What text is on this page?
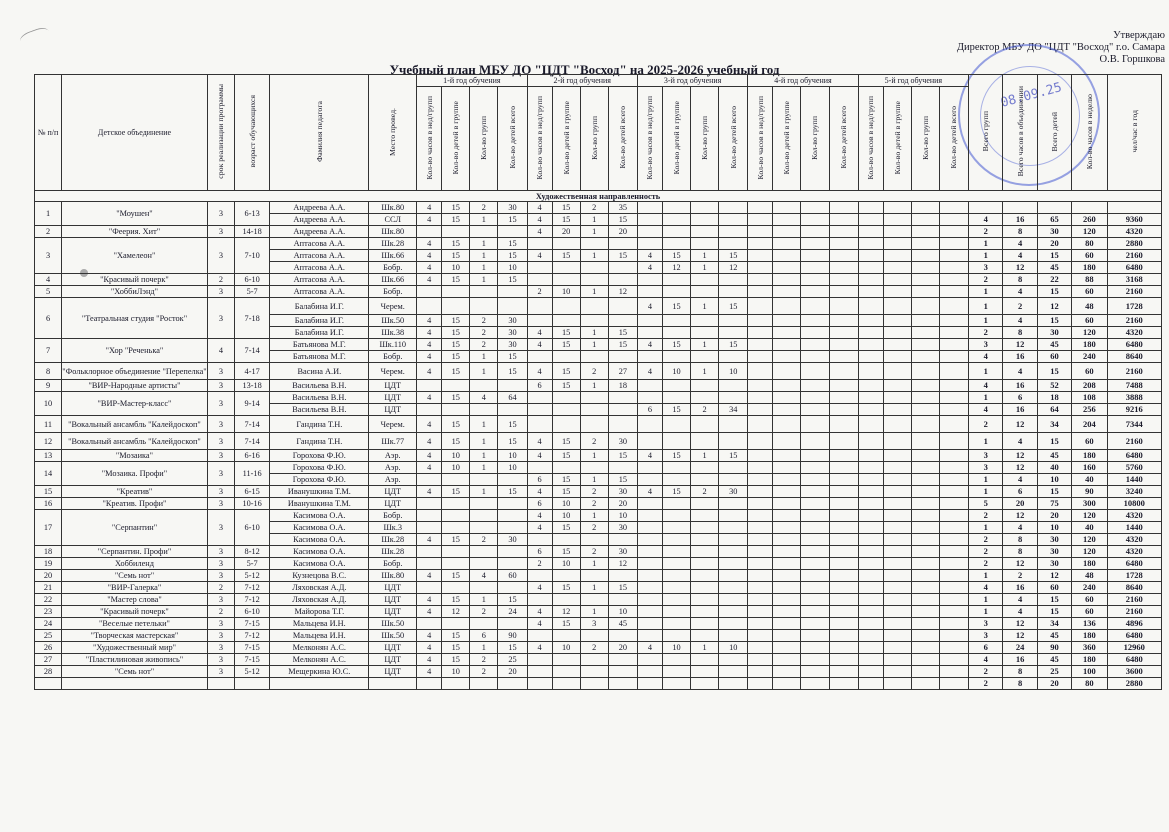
Утверждаю
Директор МБУ ДО "ЦДТ "Восход" г.о. Самара
О.В. Горшкова
Учебный план МБУ ДО "ЦДТ "Восход" на 2025-2026 учебный год
08.09.25
№ п/п	Детское объединение	срок реализации программы	возраст обучающихся	Фамилия педагога	Место провед.	1-й год обучения				2-й год обучения				3-й год обучения				4-й год обучения				5-й год обучения				Всего групп	Всего часов в объединении	Всего детей	Кол-во часов в неделю	чел/час в год
						Кол-во часов в нед/групп	Кол-во детей в группе	Кол-во групп	Кол-во детей всего	Кол-во часов в нед/групп	Кол-во детей в группе	Кол-во групп	Кол-во детей всего	Кол-во часов в нед/групп	Кол-во детей в группе	Кол-во групп	Кол-во детей всего	Кол-во часов в нед/групп	Кол-во детей в группе	Кол-во групп	Кол-во детей всего	Кол-во часов в нед/групп	Кол-во детей в группе	Кол-во групп	Кол-во детей всего					
Художественная направленность																														
1	"Моушен"	3	6-13	Андреева А.А.	Шк.80	4	15	2	30	4	15	2	35																	
				Андреева А.А.	ССЛ	4	15	1	15	4	15	1	15													4	16	65	260	9360
2	"Феерия. Хит"	3	14-18	Андреева А.А.	Шк.80					4	20	1	20													2	8	30	120	4320
3	"Хамелеон"	3	7-10	Аптасова А.А.	Шк.28	4	15	1	15																	1	4	20	80	2880
				Аптасова А.А.	Шк.66	4	15	1	15	4	15	1	15	4	15	1	15									1	4	15	60	2160
				Аптасова А.А.	Бобр.	4	10	1	10					4	12	1	12									3	12	45	180	6480
4	"Красивый почерк"	2	6-10	Аптасова А.А.	Шк.66	4	15	1	15																	2	8	22	88	3168
5	"ХоббиЛэнд"	3	5-7	Аптасова А.А.	Бобр.					2	10	1	12													1	4	15	60	2160
6	"Театральная студия "Росток"	3	7-18	Балабина И.Г.	Черем.									4	15	1	15									1	2	12	48	1728
				Балабина И.Г.	Шк.50	4	15	2	30																	1	4	15	60	2160
				Балабина И.Г.	Шк.38	4	15	2	30	4	15	1	15													2	8	30	120	4320
7	"Хор "Реченька"	4	7-14	Батьянова М.Г.	Шк.110	4	15	2	30	4	15	1	15	4	15	1	15									3	12	45	180	6480
				Батьянова М.Г.	Бобр.	4	15	1	15																	4	16	60	240	8640
8	"Фольклорное объединение "Перепелка"	3	4-17	Васина А.И.	Черем.	4	15	1	15	4	15	2	27	4	10	1	10									1	4	15	60	2160
9	"ВИР-Народные артисты"	3	13-18	Васильева В.Н.	ЦДТ					6	15	1	18													4	16	52	208	7488
10	"ВИР-Мастер-класс"	3	9-14	Васильева В.Н.	ЦДТ	4	15	4	64																	1	6	18	108	3888
				Васильева В.Н.	ЦДТ									6	15	2	34									4	16	64	256	9216
11	"Вокальный ансамбль "Калейдоскоп"	3	7-14	Гандина Т.Н.	Черем.	4	15	1	15																	2	12	34	204	7344
12	"Вокальный ансамбль "Калейдоскоп"	3	7-14	Гандина Т.Н.	Шк.77	4	15	1	15	4	15	2	30													1	4	15	60	2160
13	"Мозаика"	3	6-16	Горохова Ф.Ю.	Аэр.	4	10	1	10	4	15	1	15	4	15	1	15									3	12	45	180	6480
14	"Мозаика. Профи"	3	11-16	Горохова Ф.Ю.	Аэр.	4	10	1	10																	3	12	40	160	5760
				Горохова Ф.Ю.	Аэр.					6	15	1	15													1	4	10	40	1440
15	"Креатив"	3	6-15	Иванушкина Т.М.	ЦДТ	4	15	1	15	4	15	2	30	4	15	2	30									1	6	15	90	3240
16	"Креатив. Профи"	3	10-16	Иванушкина Т.М.	ЦДТ					6	10	2	20													5	20	75	300	10800
17	"Серпантин"	3	6-10	Касимова О.А.	Бобр.					4	10	1	10													2	12	20	120	4320
				Касимова О.А.	Шк.3					4	15	2	30													1	4	10	40	1440
				Касимова О.А.	Шк.28	4	15	2	30																	2	8	30	120	4320
18	"Серпантин. Профи"	3	8-12	Касимова О.А.	Шк.28					6	15	2	30													2	8	30	120	4320
19	Хоббиленд	3	5-7	Касимова О.А.	Бобр.					2	10	1	12													2	12	30	180	6480
20	"Семь нот"	3	5-12	Кузнецова В.С.	Шк.80	4	15	4	60																	1	2	12	48	1728
21	"ВИР-Галерка"	2	7-12	Ляховская А.Д.	ЦДТ					4	15	1	15													4	16	60	240	8640
22	"Мастер слова"	3	7-12	Ляховская А.Д.	ЦДТ	4	15	1	15																	1	4	15	60	2160
23	"Красивый почерк"	2	6-10	Майорова Т.Г.	ЦДТ	4	12	2	24	4	12	1	10													1	4	15	60	2160
24	"Веселые петельки"	3	7-15	Мальцева И.Н.	Шк.50					4	15	3	45													3	12	34	136	4896
25	"Творческая мастерская"	3	7-12	Мальцева И.Н.	Шк.50	4	15	6	90																	3	12	45	180	6480
26	"Художественный мир"	3	7-15	Мелконян А.С.	ЦДТ	4	15	1	15	4	10	2	20	4	10	1	10									6	24	90	360	12960
27	"Пластилиновая живопись"	3	7-15	Мелконян А.С.	ЦДТ	4	15	2	25																	4	16	45	180	6480
28	"Семь нот"	3	5-12	Мещеркина Ю.С.	ЦДТ	4	10	2	20																	2	8	25	100	3600
																										2	8	20	80	2880
